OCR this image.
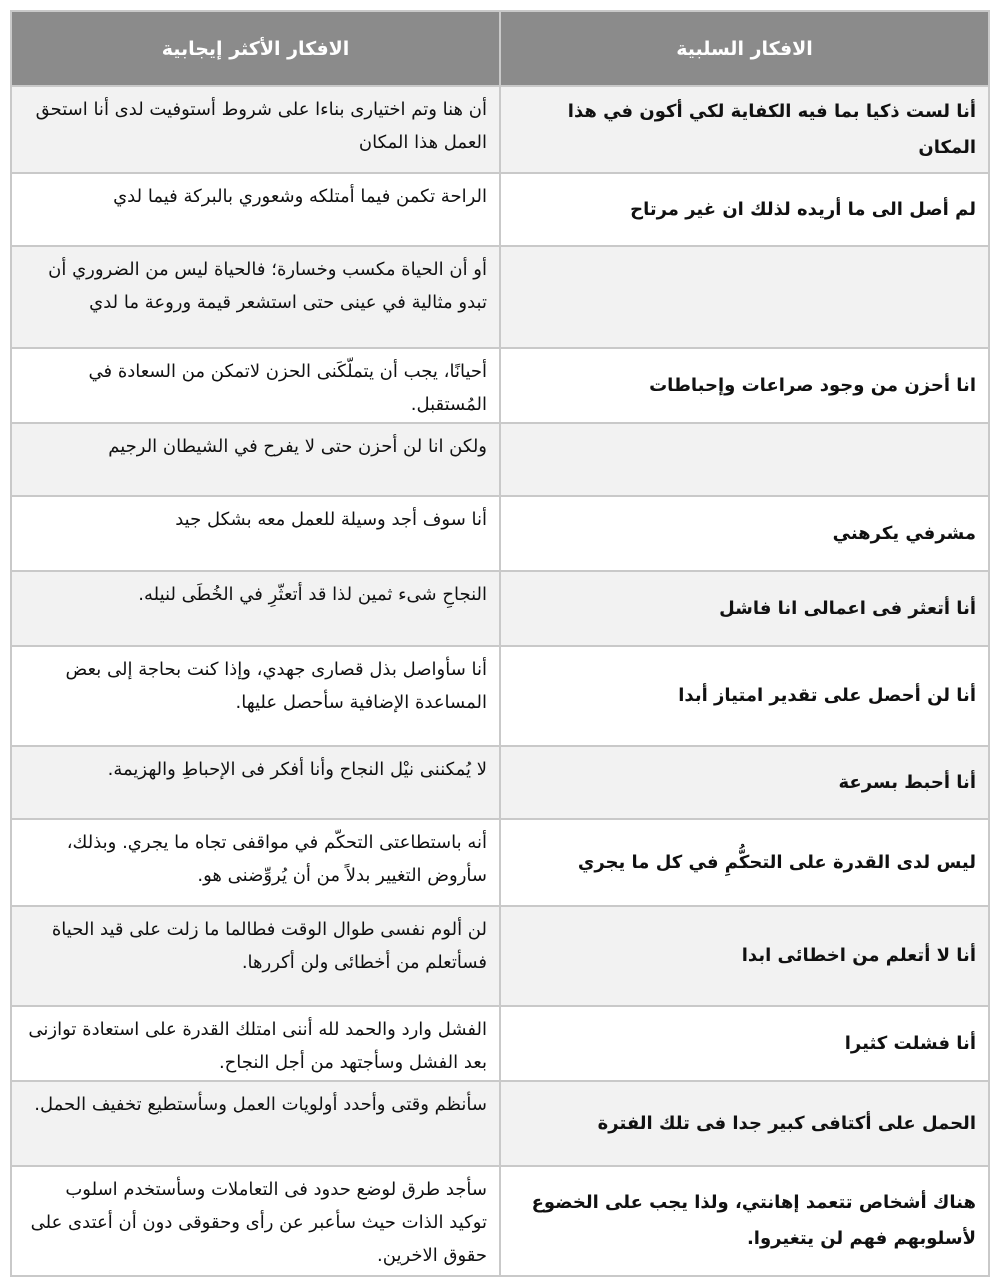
الافكار السلبية	الافكار الأكثر إيجابية
أنا لست ذكيا بما فيه الكفاية لكي أكون في هذا المكان	أن هنا وتم اختيارى بناءا على شروط أستوفيت لدى أنا استحق العمل هذا المكان
لم أصل الى ما أريده لذلك ان غير مرتاح	الراحة تكمن فيما أمتلكه وشعوري بالبركة فيما لدي
	أو أن الحياة مكسب وخسارة؛ فالحياة ليس من الضروري أن تبدو مثالية في عينى حتى استشعر قيمة وروعة ما لدي
انا أحزن من وجود صراعات وإحباطات	أحيانًا، يجب أن يتملّكَنى الحزن لاتمكن من السعادة في المُستقبل.
	ولكن انا لن أحزن حتى لا يفرح في الشيطان الرجيم
مشرفي يكرهني	أنا سوف أجد وسيلة للعمل معه بشكل جيد
أنا أتعثر فى اعمالى انا فاشل	النجاحِ شىء ثمين لذا قد أتعثّرِ في الخُطَى لنيله.
أنا لن أحصل على تقدير امتياز أبدا	أنا سأواصل بذل قصارى جهدي، وإذا كنت بحاجة إلى بعض المساعدة الإضافية سأحصل عليها.
أنا أحبط بسرعة	لا يُمكننى نيْل النجاح وأنا أفكر فى الإحباطِ والهزيمة.
ليس لدى القدرة على التحكُّمِ في كل ما يجري	أنه باستطاعتى التحكّم في مواقفى تجاه ما يجري. وبذلك، سأروض التغيير بدلاً من أن يُروِّضنى هو.
أنا لا أتعلم من اخطائى ابدا	لن ألوم نفسى طوال الوقت فطالما ما زلت على قيد الحياة فسأتعلم من أخطائى ولن أكررها.
أنا فشلت كثيرا	الفشل وارد والحمد لله أننى امتلك القدرة على استعادة توازنى بعد الفشل وسأجتهد من أجل النجاح.
الحمل على أكتافى كبير جدا فى تلك الفترة	سأنظم وقتى وأحدد أولويات العمل وسأستطيع تخفيف الحمل.
هناك أشخاص تتعمد إهانتي، ولذا يجب على الخضوع لأسلوبهم فهم لن يتغيروا.	سأجد طرق لوضع حدود فى التعاملات وسأستخدم اسلوب توكيد الذات حيث سأعبر عن رأى وحقوقى دون أن أعتدى على حقوق الاخرين.
